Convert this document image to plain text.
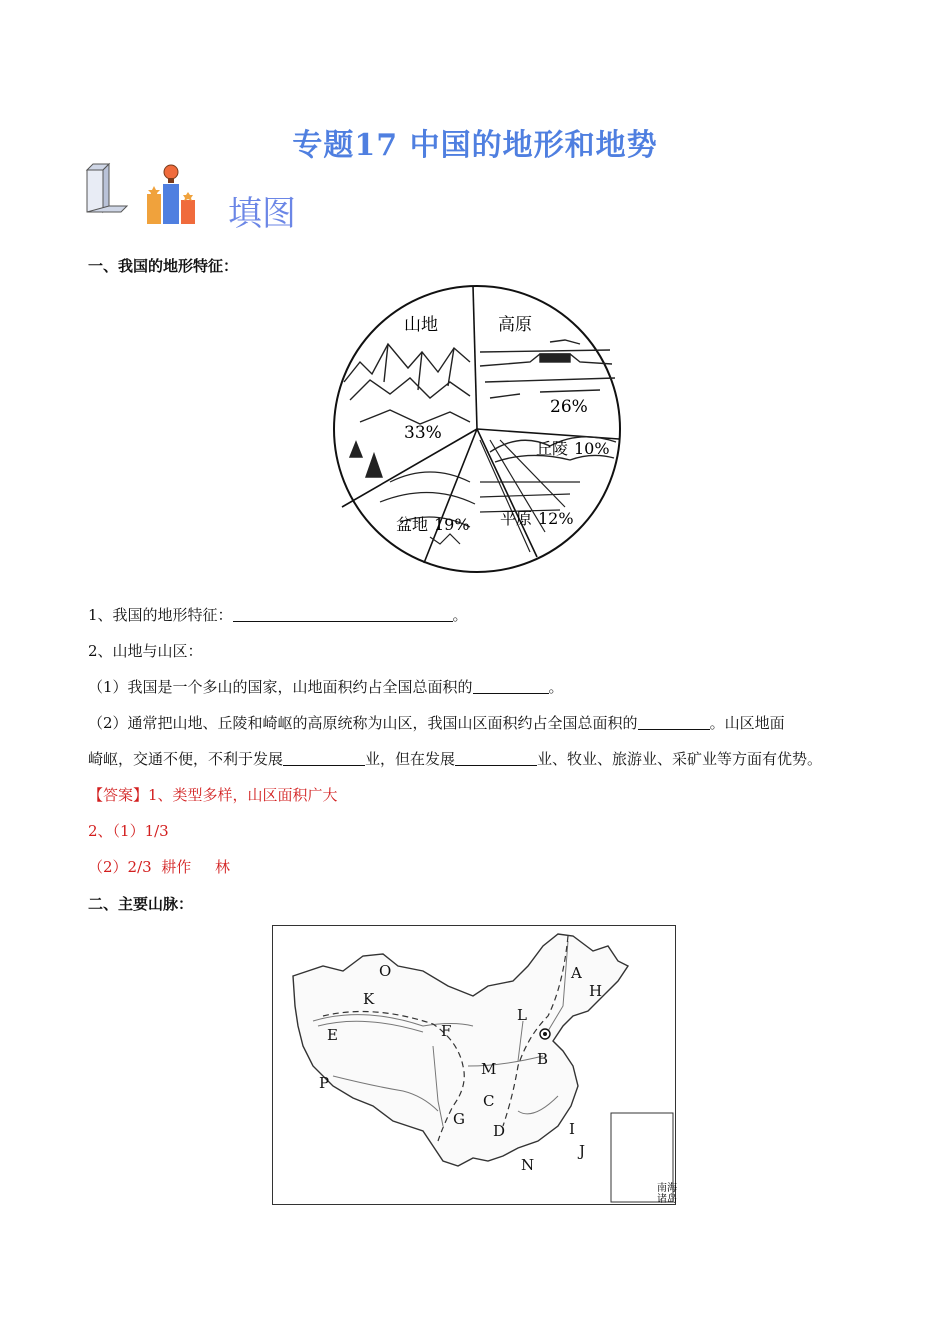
专题17 中国的地形和地势
填图
一、我国的地形特征：
山地
33%
高原
26%
丘陵 10%
平原 12%
盆地 19%
1、我国的地形特征：	。
2、山地与山区：
（1）我国是一个多山的国家，山地面积约占全国总面积的	。
（2）通常把山地、丘陵和崎岖的高原统称为山区，我国山区面积约占全国总面积的	。山区地面
崎岖，交通不便，不利于发展	业，但在发展	业、牧业、旅游业、采矿业等方面有优势。
【答案】1、类型多样，山区面积广大
2、（1）1/3
（2）2/3  耕作     林
二、主要山脉：
南海
诸岛
A
H
O
K
L
B
E	F
M
P
C
G
D	I
J
N
